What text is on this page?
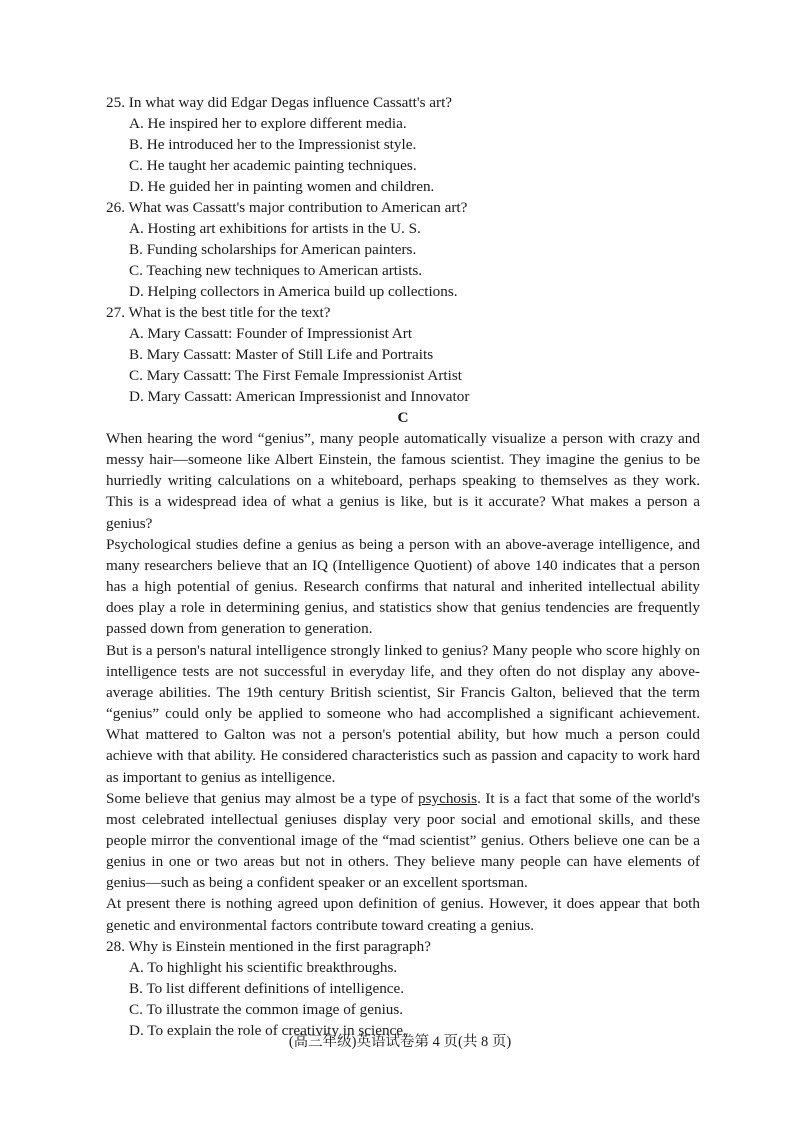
25. In what way did Edgar Degas influence Cassatt's art?
A. He inspired her to explore different media.
B. He introduced her to the Impressionist style.
C. He taught her academic painting techniques.
D. He guided her in painting women and children.
26. What was Cassatt's major contribution to American art?
A. Hosting art exhibitions for artists in the U. S.
B. Funding scholarships for American painters.
C. Teaching new techniques to American artists.
D. Helping collectors in America build up collections.
27. What is the best title for the text?
A. Mary Cassatt: Founder of Impressionist Art
B. Mary Cassatt: Master of Still Life and Portraits
C. Mary Cassatt: The First Female Impressionist Artist
D. Mary Cassatt: American Impressionist and Innovator
C

When hearing the word “genius”, many people automatically visualize a person with crazy and messy hair—someone like Albert Einstein, the famous scientist. They imagine the genius to be hurriedly writing calculations on a whiteboard, perhaps speaking to themselves as they work. This is a widespread idea of what a genius is like, but is it accurate? What makes a person a genius?

Psychological studies define a genius as being a person with an above-average intelligence, and many researchers believe that an IQ (Intelligence Quotient) of above 140 indicates that a person has a high potential of genius. Research confirms that natural and inherited intellectual ability does play a role in determining genius, and statistics show that genius tendencies are frequently passed down from generation to generation.

But is a person's natural intelligence strongly linked to genius? Many people who score highly on intelligence tests are not successful in everyday life, and they often do not display any above-average abilities. The 19th century British scientist, Sir Francis Galton, believed that the term “genius” could only be applied to someone who had accomplished a significant achievement. What mattered to Galton was not a person's potential ability, but how much a person could achieve with that ability. He considered characteristics such as passion and capacity to work hard as important to genius as intelligence.

Some believe that genius may almost be a type of psychosis. It is a fact that some of the world's most celebrated intellectual geniuses display very poor social and emotional skills, and these people mirror the conventional image of the “mad scientist” genius. Others believe one can be a genius in one or two areas but not in others. They believe many people can have elements of genius—such as being a confident speaker or an excellent sportsman.

At present there is nothing agreed upon definition of genius. However, it does appear that both genetic and environmental factors contribute toward creating a genius.

28. Why is Einstein mentioned in the first paragraph?
A. To highlight his scientific breakthroughs.
B. To list different definitions of intelligence.
C. To illustrate the common image of genius.
D. To explain the role of creativity in science.
(高三年级)英语试卷第 4 页(共 8 页)
